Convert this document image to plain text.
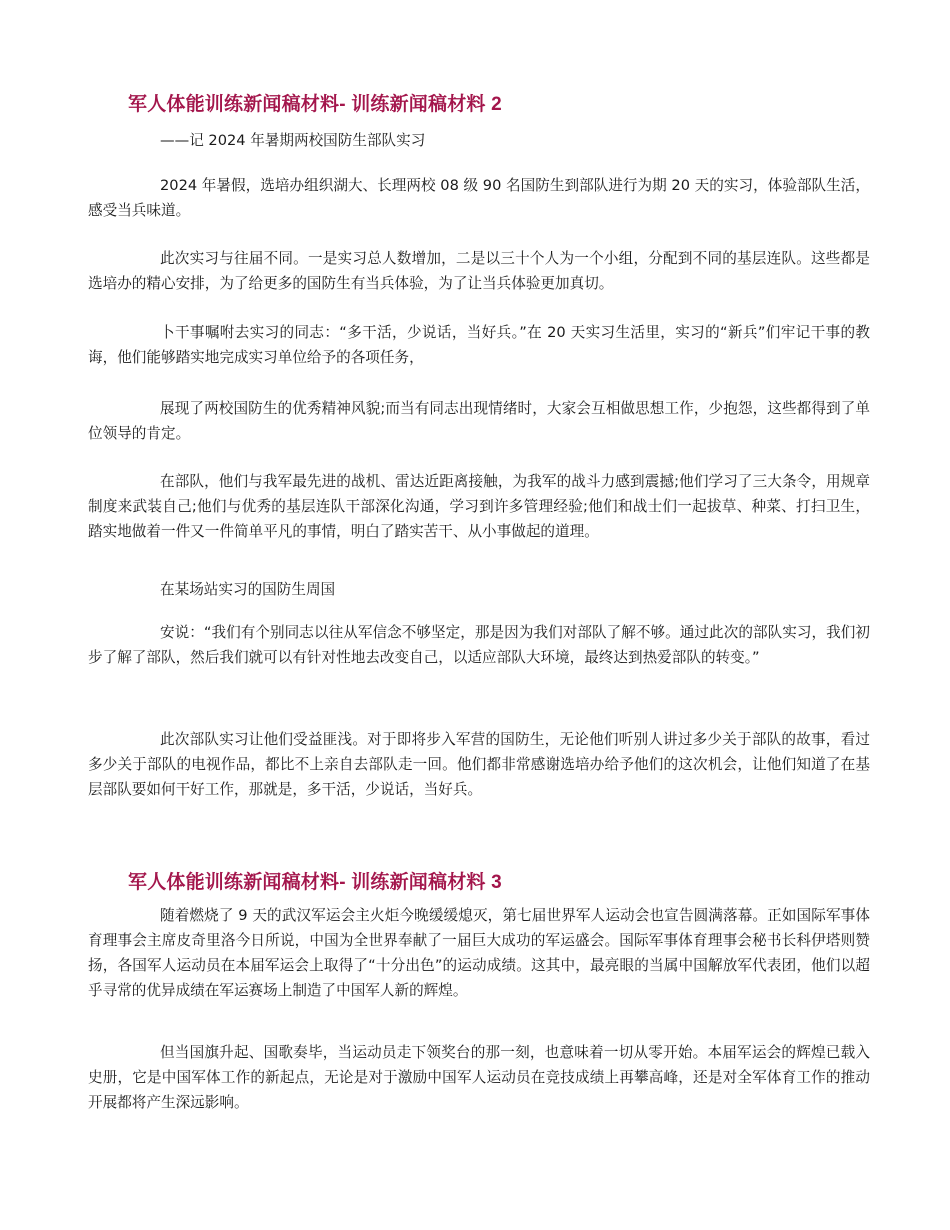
军人体能训练新闻稿材料- 训练新闻稿材料 2
——记 2024 年暑期两校国防生部队实习
2024 年暑假，选培办组织湖大、长理两校 08 级 90 名国防生到部队进行为期 20 天的实习，体验部队生活，感受当兵味道。
此次实习与往届不同。一是实习总人数增加，二是以三十个人为一个小组，分配到不同的基层连队。这些都是选培办的精心安排，为了给更多的国防生有当兵体验，为了让当兵体验更加真切。
卜干事嘱咐去实习的同志：“多干活，少说话，当好兵。”在 20 天实习生活里，实习的“新兵”们牢记干事的教诲，他们能够踏实地完成实习单位给予的各项任务，
展现了两校国防生的优秀精神风貌;而当有同志出现情绪时，大家会互相做思想工作，少抱怨，这些都得到了单位领导的肯定。
在部队，他们与我军最先进的战机、雷达近距离接触，为我军的战斗力感到震撼;他们学习了三大条令，用规章制度来武装自己;他们与优秀的基层连队干部深化沟通，学习到许多管理经验;他们和战士们一起拔草、种菜、打扫卫生，踏实地做着一件又一件简单平凡的事情，明白了踏实苦干、从小事做起的道理。
在某场站实习的国防生周国
安说：“我们有个别同志以往从军信念不够坚定，那是因为我们对部队了解不够。通过此次的部队实习，我们初步了解了部队，然后我们就可以有针对性地去改变自己，以适应部队大环境，最终达到热爱部队的转变。”
此次部队实习让他们受益匪浅。对于即将步入军营的国防生，无论他们听别人讲过多少关于部队的故事，看过多少关于部队的电视作品，都比不上亲自去部队走一回。他们都非常感谢选培办给予他们的这次机会，让他们知道了在基层部队要如何干好工作，那就是，多干活，少说话，当好兵。
军人体能训练新闻稿材料- 训练新闻稿材料 3
随着燃烧了 9 天的武汉军运会主火炬今晚缓缓熄灭，第七届世界军人运动会也宣告圆满落幕。正如国际军事体育理事会主席皮奇里洛今日所说，中国为全世界奉献了一届巨大成功的军运盛会。国际军事体育理事会秘书长科伊塔则赞扬，各国军人运动员在本届军运会上取得了“十分出色”的运动成绩。这其中，最亮眼的当属中国解放军代表团，他们以超乎寻常的优异成绩在军运赛场上制造了中国军人新的辉煌。
但当国旗升起、国歌奏毕，当运动员走下领奖台的那一刻，也意味着一切从零开始。本届军运会的辉煌已载入史册，它是中国军体工作的新起点，无论是对于激励中国军人运动员在竞技成绩上再攀高峰，还是对全军体育工作的推动开展都将产生深远影响。
